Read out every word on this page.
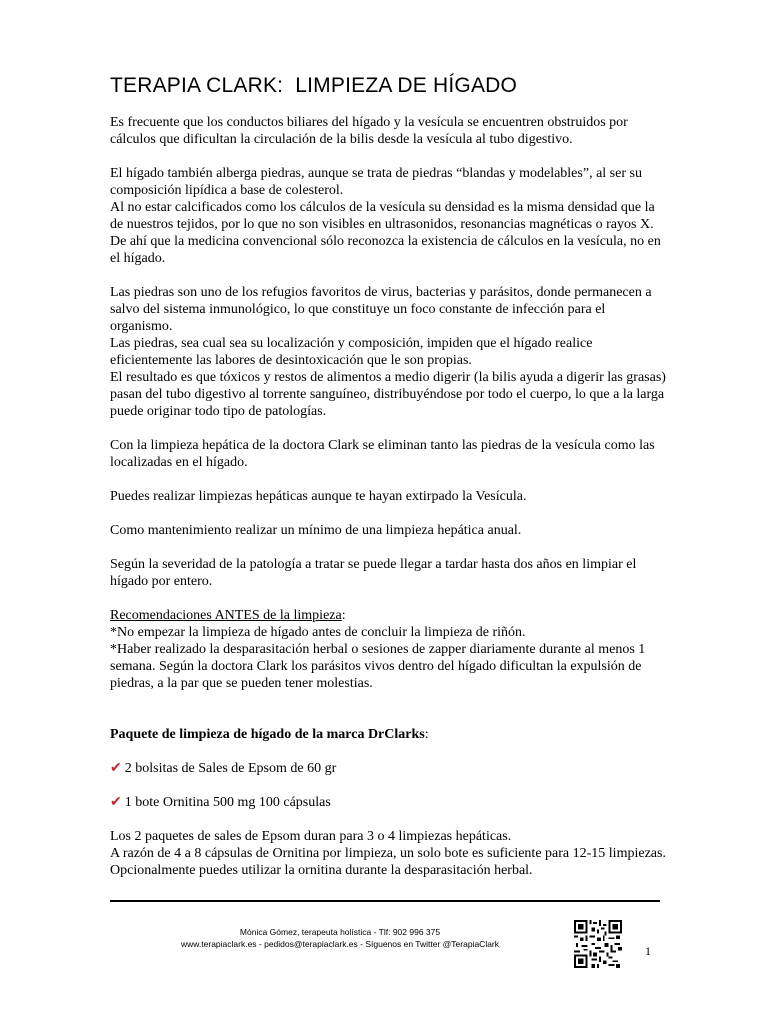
TERAPIA CLARK:  LIMPIEZA DE HÍGADO

Es frecuente que los conductos biliares del hígado y la vesícula se encuentren obstruidos por cálculos que dificultan la circulación de la bilis desde la vesícula al tubo digestivo.

El hígado también alberga piedras, aunque se trata de piedras “blandas y modelables”, al ser su composición lipídica a base de colesterol.

Al no estar calcificados como los cálculos de la vesícula su densidad es la misma densidad que la de nuestros tejidos, por lo que no son visibles en ultrasonidos, resonancias magnéticas o rayos X. De ahí que la medicina convencional sólo reconozca la existencia de cálculos en la vesícula, no en el hígado.

Las piedras son uno de los refugios favoritos de virus, bacterias y parásitos, donde permanecen a salvo del sistema inmunológico, lo que constituye un foco constante de infección para el organismo.

Las piedras, sea cual sea su localización y composición, impiden que el hígado realice eficientemente las labores de desintoxicación que le son propias.

El resultado es que tóxicos y restos de alimentos a medio digerir (la bilis ayuda a digerir las grasas) pasan del tubo digestivo al torrente sanguíneo, distribuyéndose por todo el cuerpo, lo que a la larga puede originar todo tipo de patologías.

Con la limpieza hepática de la doctora Clark se eliminan tanto las piedras de la vesícula como las localizadas en el hígado.

Puedes realizar limpiezas hepáticas aunque te hayan extirpado la Vesícula.

Como mantenimiento realizar un mínimo de una limpieza hepática anual.

Según la severidad de la patología a tratar se puede llegar a tardar hasta dos años en limpiar el hígado por entero.

Recomendaciones ANTES de la limpieza:

*No empezar la limpieza de hígado antes de concluir la limpieza de riñón.

*Haber realizado la desparasitación herbal o sesiones de zapper diariamente durante al menos 1 semana. Según la doctora Clark los parásitos vivos dentro del hígado dificultan la expulsión de piedras, a la par que se pueden tener molestias.

Paquete de limpieza de hígado de la marca DrClarks:

✔ 2 bolsitas de Sales de Epsom de 60 gr

✔ 1 bote Ornitina 500 mg 100 cápsulas

Los 2 paquetes de sales de Epsom duran para 3 o 4 limpiezas hepáticas.

A razón de 4 a 8 cápsulas de Ornitina por limpieza, un solo bote es suficiente para 12-15 limpiezas.

Opcionalmente puedes utilizar la ornitina durante la desparasitación herbal.

Mónica Gómez, terapeuta holística - Tlf: 902 996 375
www.terapiaclark.es - pedidos@terapiaclark.es - Síguenos en Twitter @TerapiaClark	1
